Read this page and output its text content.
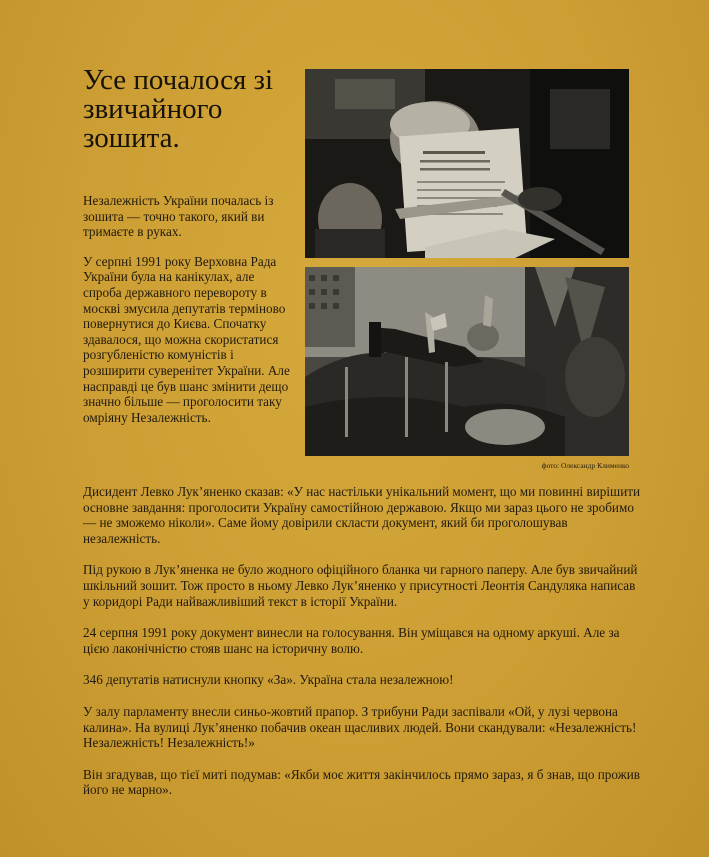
Усе почалося зі звичайного зошита.

Незалежність України почалась із зошита — точно такого, який ви тримаєте в руках.

У серпні 1991 року Верховна Рада України була на канікулах, але спроба державного перевороту в москві змусила депутатів терміново повернутися до Києва. Спочатку здавалося, що можна скористатися розгубленістю комуністів і розширити суверенітет України. Але насправді це був шанс змінити дещо значно більше — проголосити таку омріяну Незалежність.

фото: Олександр Клименко

Дисидент Левко Лук’яненко сказав: «У нас настільки унікальний момент, що ми повинні вирішити основне завдання: проголосити Україну самостійною державою. Якщо ми зараз цього не зробимо — не зможемо ніколи». Саме йому довірили скласти документ, який би проголошував незалежність.

Під рукою в Лук’яненка не було жодного офіційного бланка чи гарного паперу. Але був звичайний шкільний зошит. Тож просто в ньому Левко Лук’яненко у присутності Леонтія Сандуляка написав у коридорі Ради найважливіший текст в історії України.

24 серпня 1991 року документ винесли на голосування. Він уміщався на одному аркуші. Але за цією лаконічністю стояв шанс на історичну волю.

346 депутатів натиснули кнопку «За». Україна стала незалежною!

У залу парламенту внесли синьо-жовтий прапор. З трибуни Ради заспівали «Ой, у лузі червона калина». На вулиці Лук’яненко побачив океан щасливих людей. Вони скандували: «Незалежність! Незалежність! Незалежність!»

Він згадував, що тієї миті подумав: «Якби моє життя закінчилось прямо зараз, я б знав, що прожив його не марно».
